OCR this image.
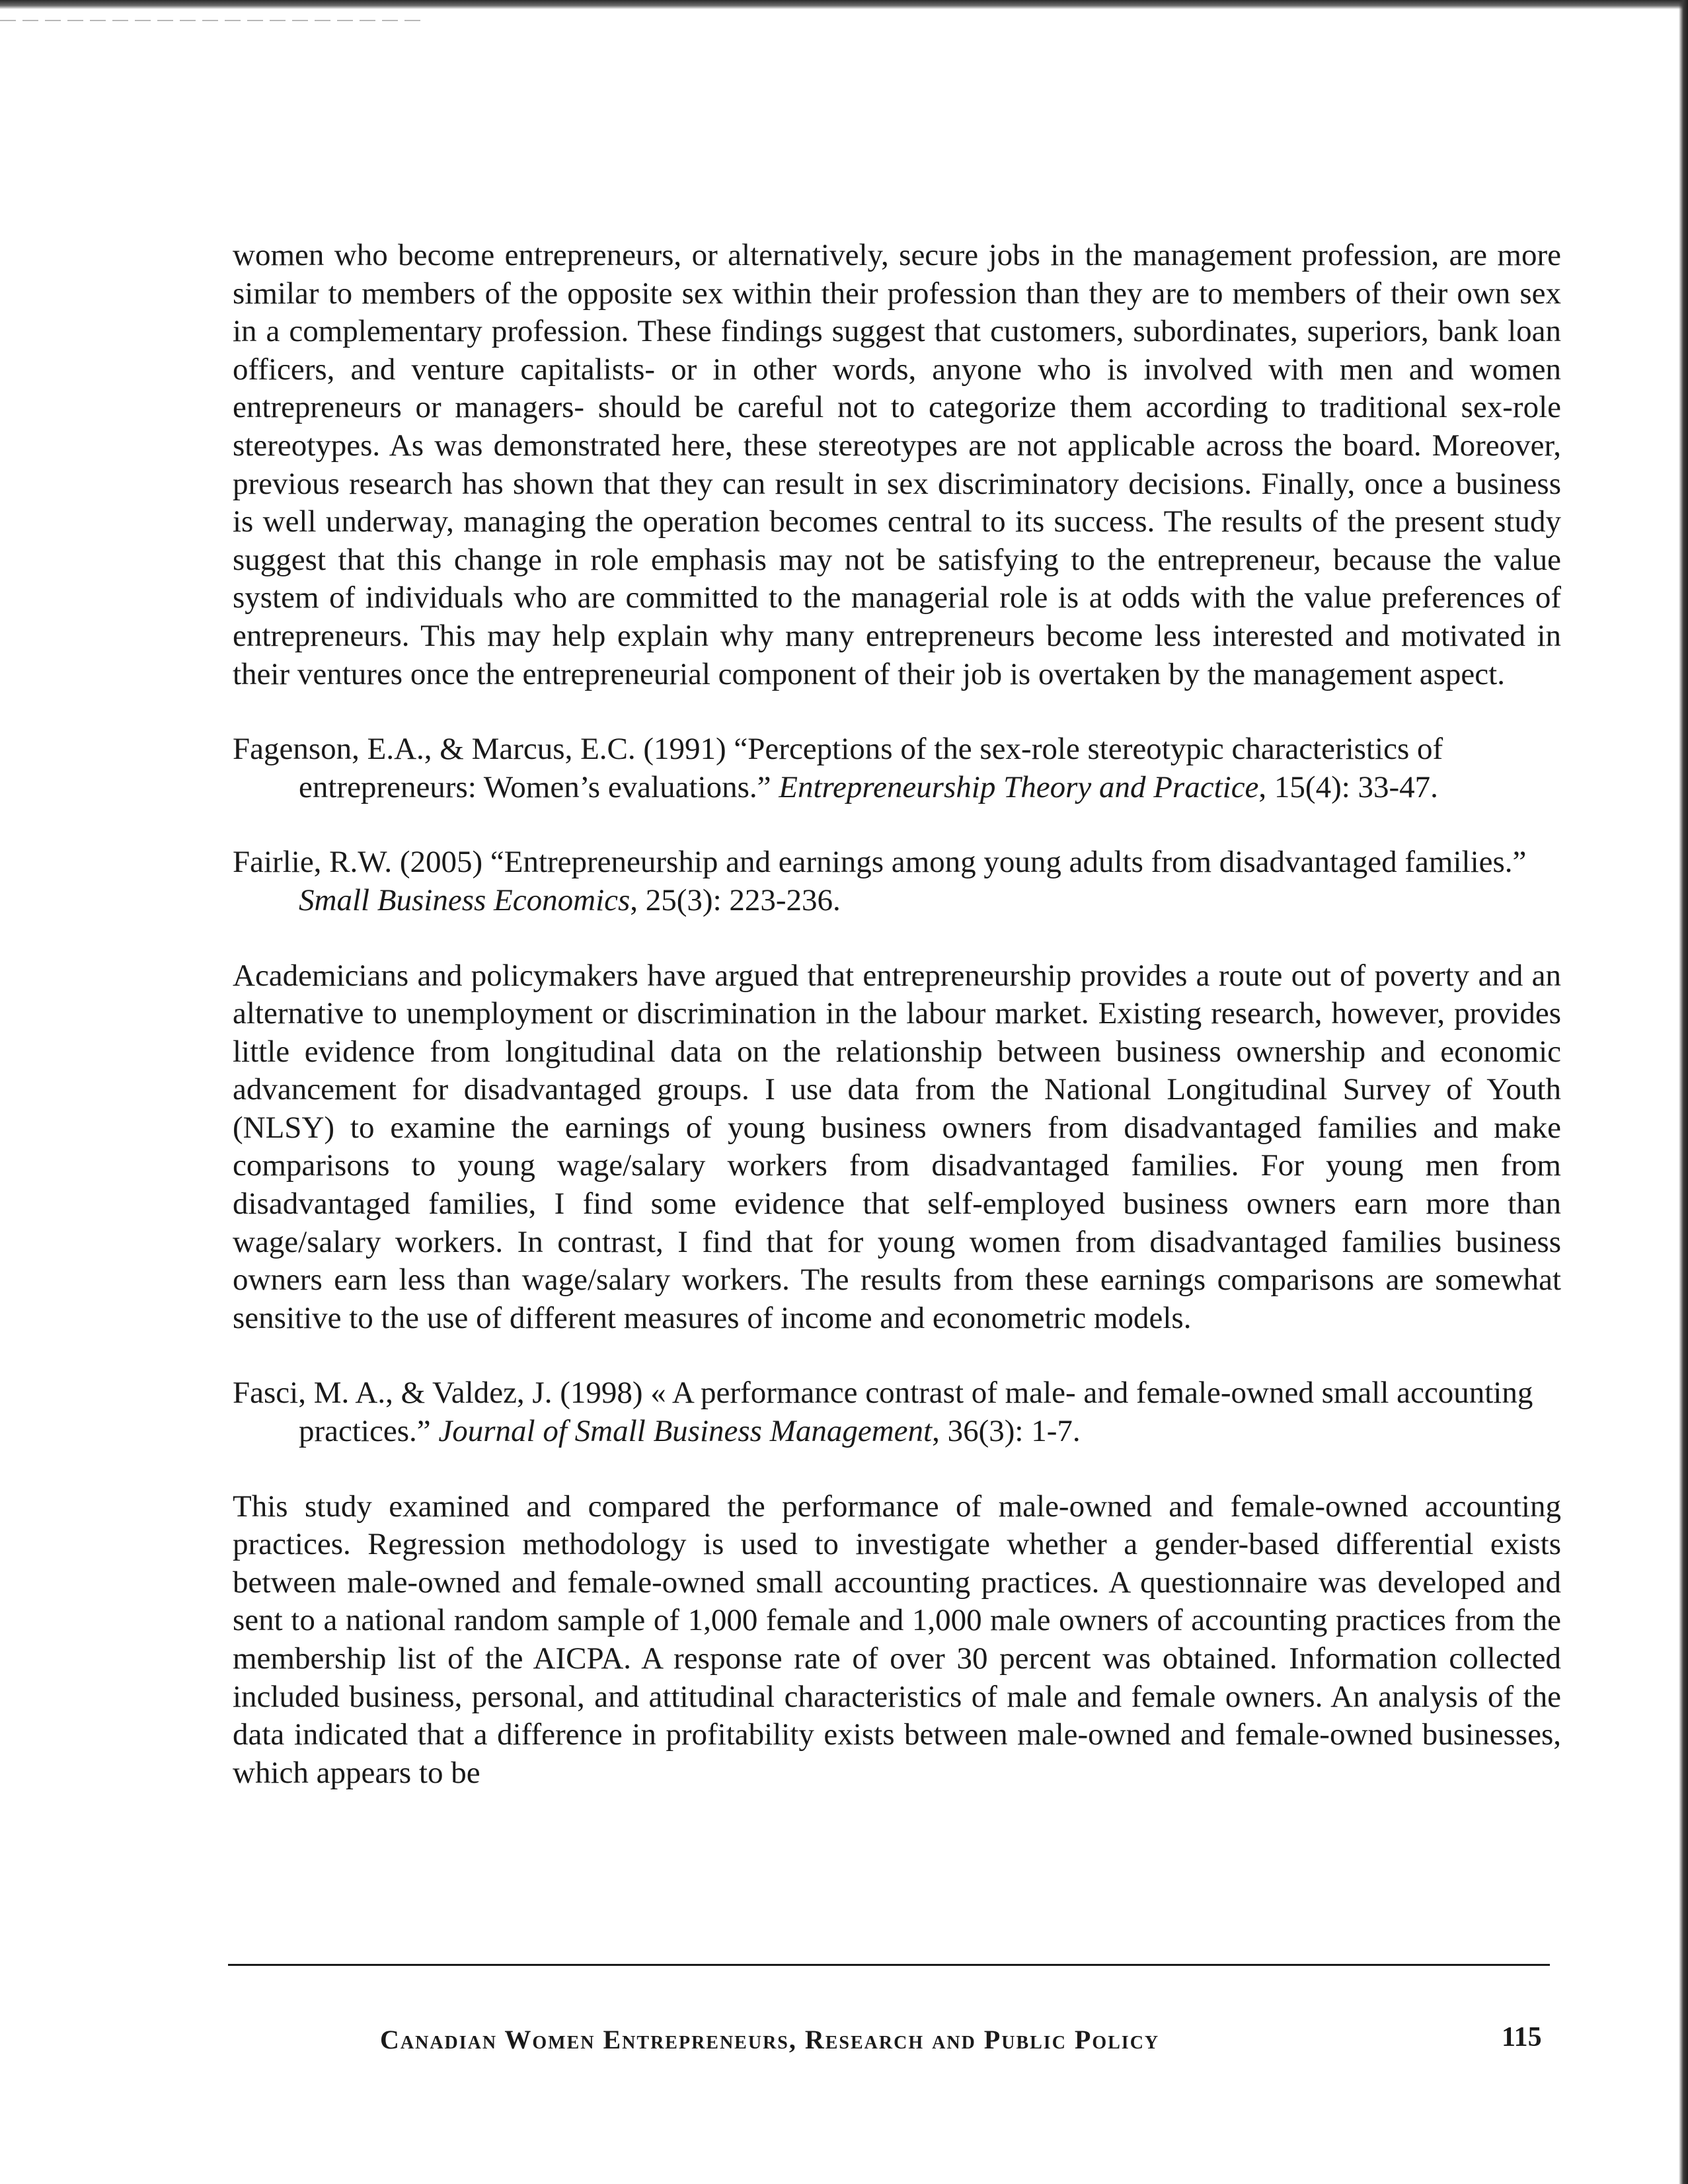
women who become entrepreneurs, or alternatively, secure jobs in the management profession, are more similar to members of the opposite sex within their profession than they are to members of their own sex in a complementary profession. These findings suggest that customers, subordinates, superiors, bank loan officers, and venture capitalists- or in other words, anyone who is involved with men and women entrepreneurs or managers- should be careful not to categorize them according to traditional sex-role stereotypes. As was demonstrated here, these stereotypes are not applicable across the board. Moreover, previous research has shown that they can result in sex discriminatory decisions. Finally, once a business is well underway, managing the operation becomes central to its success. The results of the present study suggest that this change in role emphasis may not be satisfying to the entrepreneur, because the value system of individuals who are committed to the managerial role is at odds with the value preferences of entrepreneurs. This may help explain why many entrepreneurs become less interested and motivated in their ventures once the entrepreneurial component of their job is overtaken by the management aspect.

Fagenson, E.A., & Marcus, E.C. (1991) “Perceptions of the sex-role stereotypic characteristics of entrepreneurs: Women’s evaluations.” Entrepreneurship Theory and Practice, 15(4): 33-47.

Fairlie, R.W. (2005) “Entrepreneurship and earnings among young adults from disadvantaged families.” Small Business Economics, 25(3): 223-236.

Academicians and policymakers have argued that entrepreneurship provides a route out of poverty and an alternative to unemployment or discrimination in the labour market. Existing research, however, provides little evidence from longitudinal data on the relationship between business ownership and economic advancement for disadvantaged groups. I use data from the National Longitudinal Survey of Youth (NLSY) to examine the earnings of young business owners from disadvantaged families and make comparisons to young wage/salary workers from disadvantaged families. For young men from disadvantaged families, I find some evidence that self-employed business owners earn more than wage/salary workers. In contrast, I find that for young women from disadvantaged families business owners earn less than wage/salary workers. The results from these earnings comparisons are somewhat sensitive to the use of different measures of income and econometric models.

Fasci, M. A., & Valdez, J. (1998) « A performance contrast of male- and female-owned small accounting practices.” Journal of Small Business Management, 36(3): 1-7.

This study examined and compared the performance of male-owned and female-owned accounting practices. Regression methodology is used to investigate whether a gender-based differential exists between male-owned and female-owned small accounting practices. A questionnaire was developed and sent to a national random sample of 1,000 female and 1,000 male owners of accounting practices from the membership list of the AICPA. A response rate of over 30 percent was obtained. Information collected included business, personal, and attitudinal characteristics of male and female owners. An analysis of the data indicated that a difference in profitability exists between male-owned and female-owned businesses, which appears to be

Canadian Women Entrepreneurs, Research and Public Policy	115
